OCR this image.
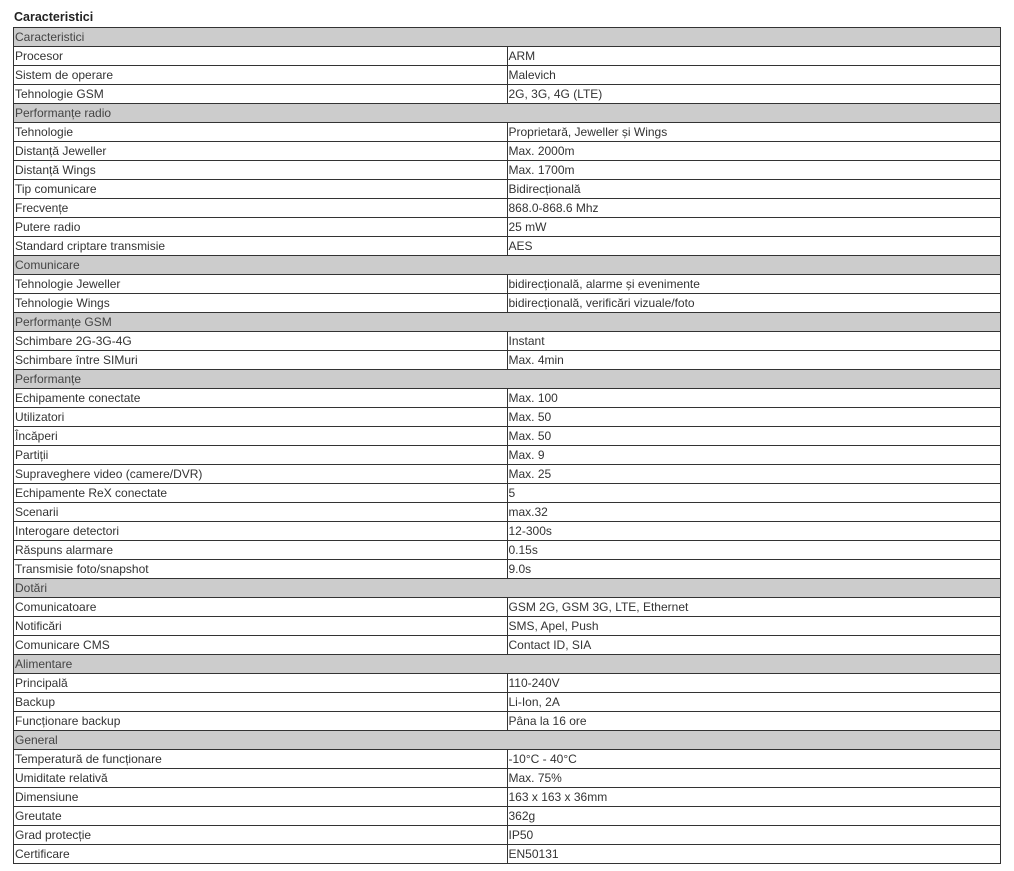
Caracteristici
Caracteristici	
Procesor	ARM
Sistem de operare	Malevich
Tehnologie GSM	2G, 3G, 4G (LTE)
Performanțe radio	
Tehnologie	Proprietară, Jeweller și Wings
Distanță Jeweller	Max. 2000m
Distanță Wings	Max. 1700m
Tip comunicare	Bidirecțională
Frecvențe	868.0-868.6 Mhz
Putere radio	25 mW
Standard criptare transmisie	AES
Comunicare	
Tehnologie Jeweller	bidirecțională, alarme și evenimente
Tehnologie Wings	bidirecțională, verificări vizuale/foto
Performanțe GSM	
Schimbare 2G-3G-4G	Instant
Schimbare între SIMuri	Max. 4min
Performanțe	
Echipamente conectate	Max. 100
Utilizatori	Max. 50
Încăperi	Max. 50
Partiții	Max. 9
Supraveghere video (camere/DVR)	Max. 25
Echipamente ReX conectate	5
Scenarii	max.32
Interogare detectori	12-300s
Răspuns alarmare	0.15s
Transmisie foto/snapshot	9.0s
Dotări	
Comunicatoare	GSM 2G, GSM 3G, LTE, Ethernet
Notificări	SMS, Apel, Push
Comunicare CMS	Contact ID, SIA
Alimentare	
Principală	110-240V
Backup	Li-Ion, 2A
Funcționare backup	Pâna la 16 ore
General	
Temperatură de funcționare	-10°C - 40°C
Umiditate relativă	Max. 75%
Dimensiune	163 x 163 x 36mm
Greutate	362g
Grad protecție	IP50
Certificare	EN50131
